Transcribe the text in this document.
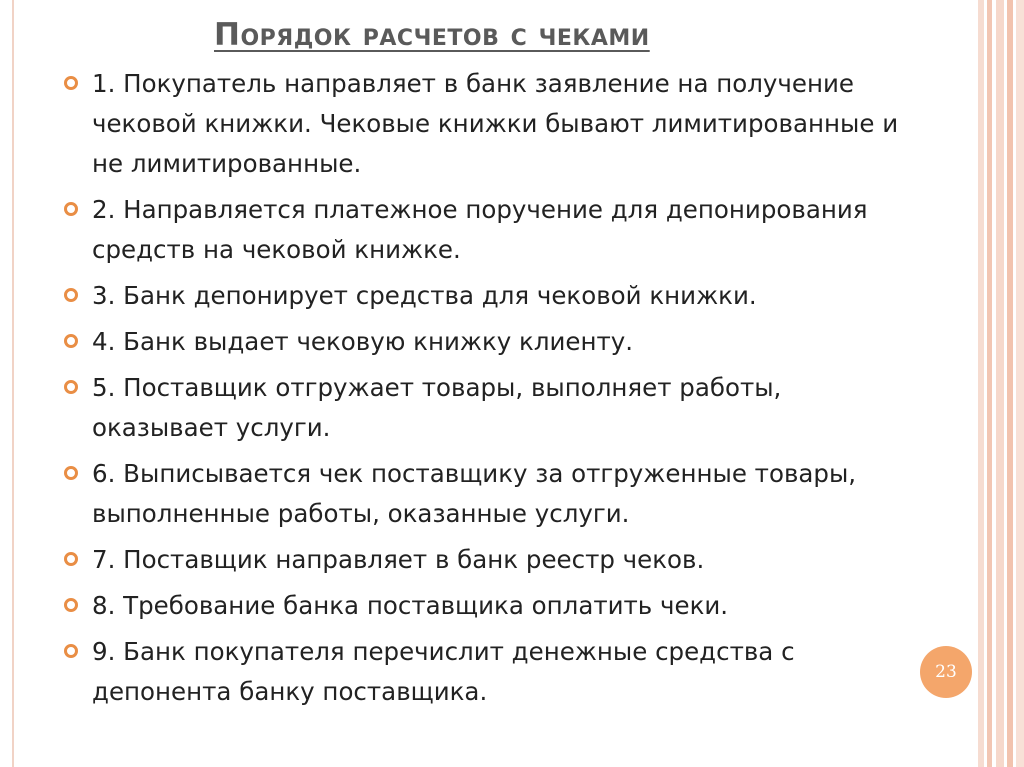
Порядок расчетов с чеками
1. Покупатель направляет в банк заявление на получение чековой книжки. Чековые книжки бывают лимитированные и не лимитированные.
2. Направляется платежное поручение для депонирования средств на чековой книжке.
3. Банк депонирует средства для чековой книжки.
4. Банк выдает чековую книжку клиенту.
5. Поставщик отгружает товары, выполняет работы, оказывает услуги.
6. Выписывается чек поставщику за отгруженные товары, выполненные работы, оказанные услуги.
7. Поставщик направляет в банк реестр чеков.
8. Требование банка поставщика оплатить чеки.
9. Банк покупателя перечислит денежные средства с депонента банку поставщика.
23
